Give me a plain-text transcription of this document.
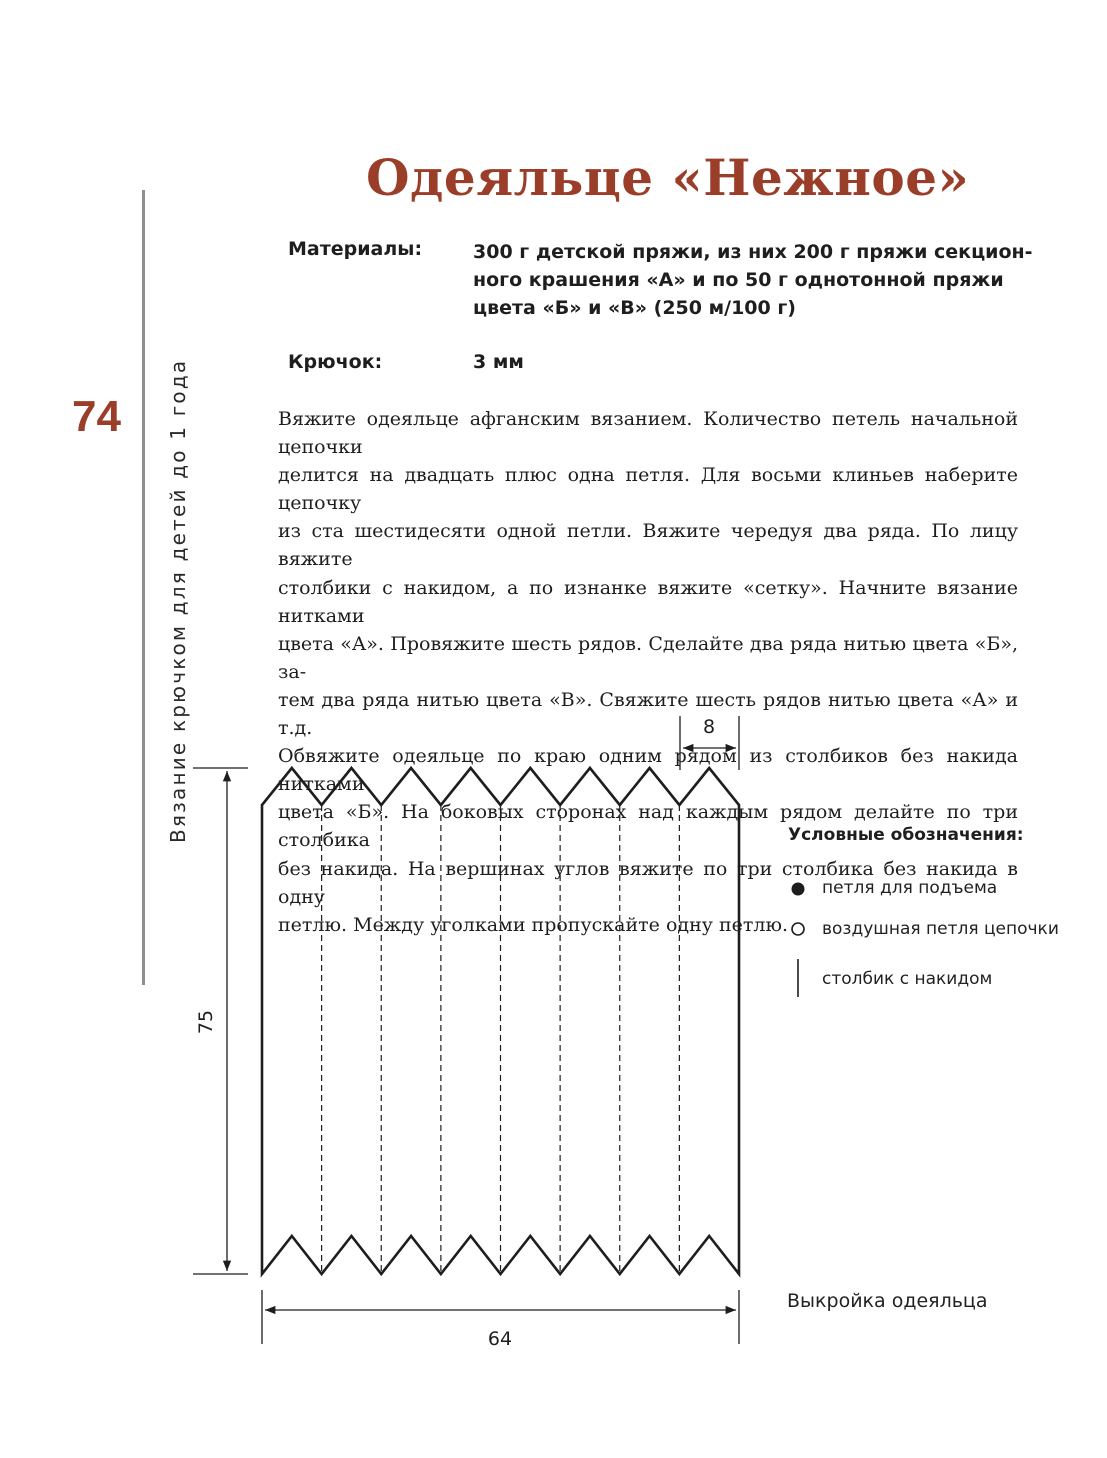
74 Вязание крючком для детей до 1 года
Одеяльце «Нежное»
Материалы:	300 г детской пряжи, из них 200 г пряжи секцион-
ного крашения «А» и по 50 г однотонной пряжи
цвета «Б» и «В» (250 м/100 г)
Крючок:	3 мм
Вяжите одеяльце афганским вязанием. Количество петель начальной цепочки
делится на двадцать плюс одна петля. Для восьми клиньев наберите цепочку
из ста шестидесяти одной петли. Вяжите чередуя два ряда. По лицу вяжите
столбики с накидом, а по изнанке вяжите «сетку». Начните вязание нитками
цвета «А». Провяжите шесть рядов. Сделайте два ряда нитью цвета «Б», за-
тем два ряда нитью цвета «В». Свяжите шесть рядов нитью цвета «А» и т.д.
Обвяжите одеяльце по краю одним рядом из столбиков без накида нитками
цвета «Б». На боковых сторонах над каждым рядом делайте по три столбика
без накида. На вершинах углов вяжите по три столбика без накида в одну
петлю. Между уголками пропускайте одну петлю.
8
75
64
Условные обозначения:
петля для подъема
воздушная петля цепочки
столбик с накидом
Выкройка одеяльца
